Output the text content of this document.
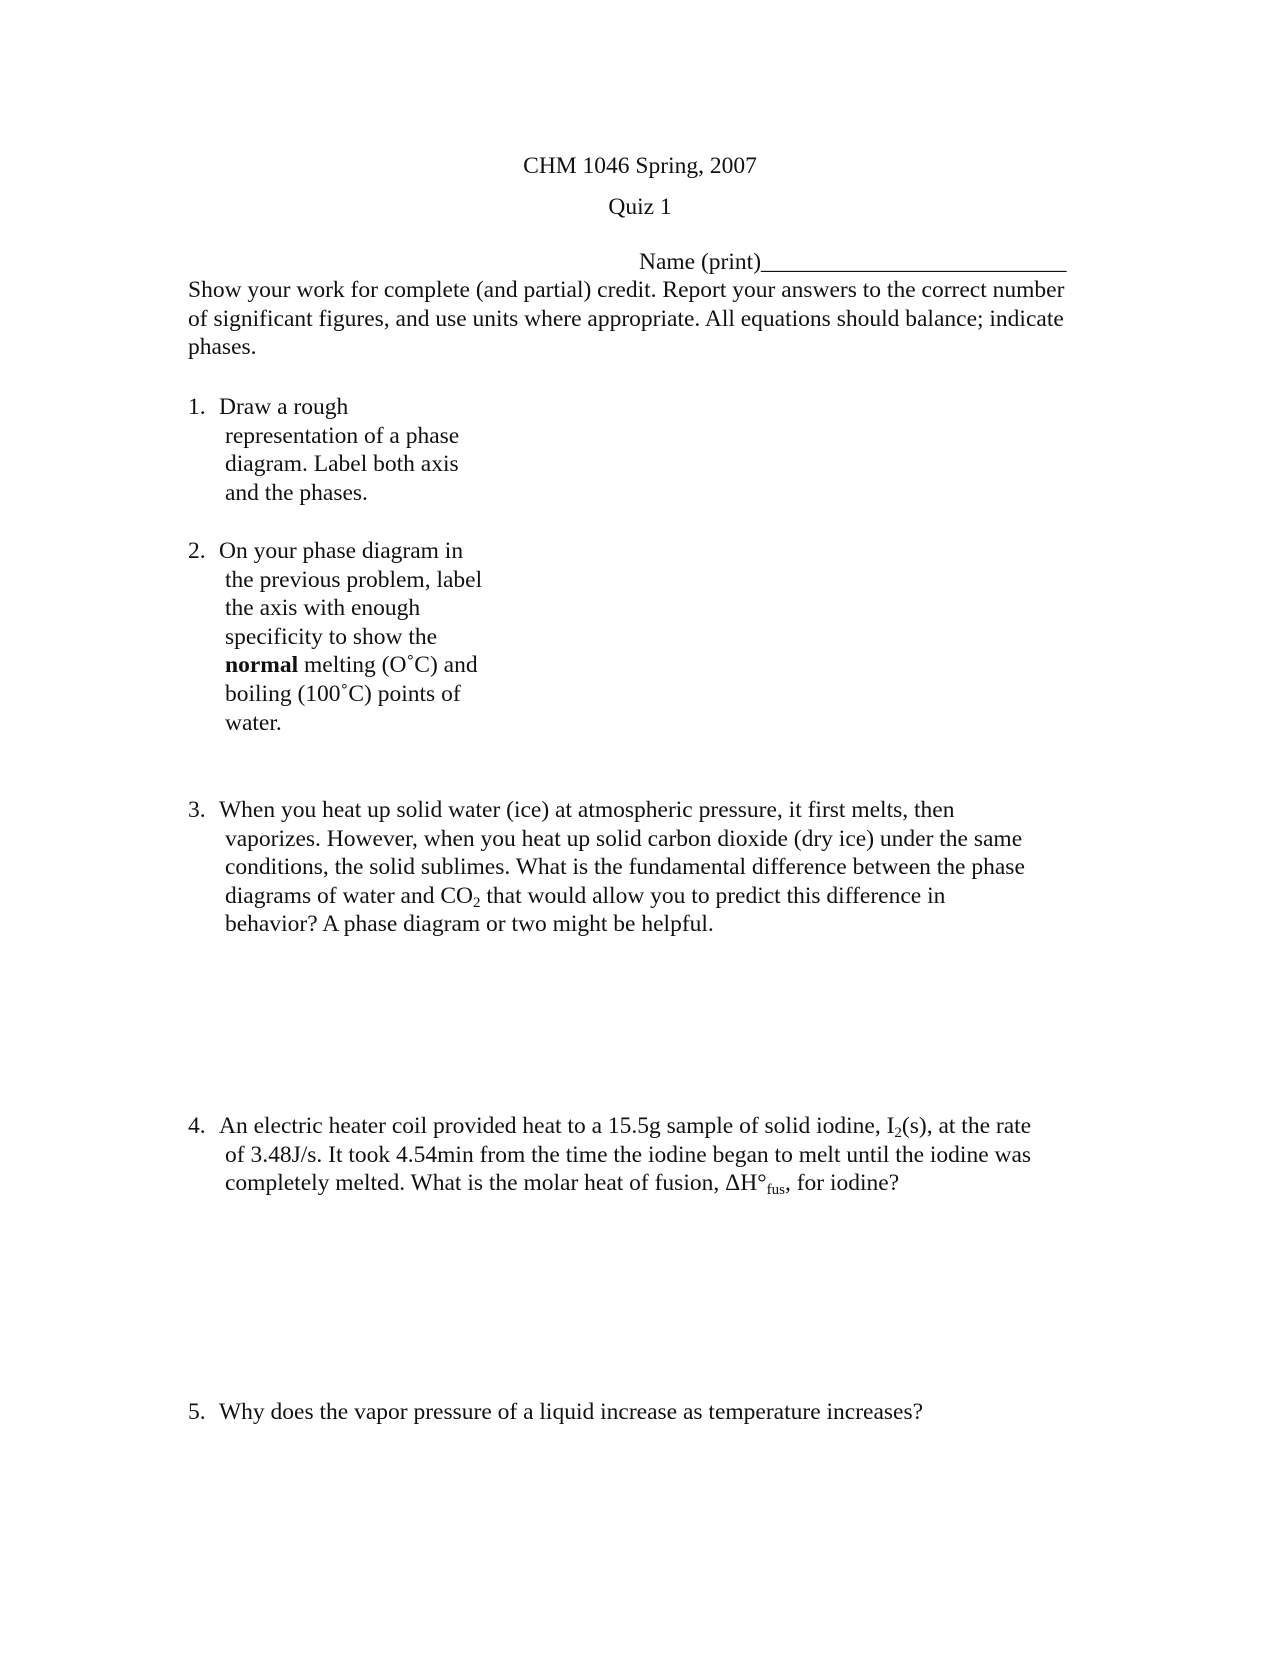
CHM 1046 Spring, 2007
Quiz 1
Name (print)__________________________
Show your work for complete (and partial) credit. Report your answers to the correct number of significant figures, and use units where appropriate. All equations should balance; indicate phases.
1. Draw a rough
representation of a phase
diagram. Label both axis
and the phases.
2. On your phase diagram in
the previous problem, label
the axis with enough
specificity to show the
normal melting (O˚C) and
boiling (100˚C) points of
water.
3. When you heat up solid water (ice) at atmospheric pressure, it first melts, then
vaporizes. However, when you heat up solid carbon dioxide (dry ice) under the same
conditions, the solid sublimes. What is the fundamental difference between the phase
diagrams of water and $CO_2$ that would allow you to predict this difference in
behavior? A phase diagram or two might be helpful.
4. An electric heater coil provided heat to a 15.5g sample of solid iodine, $I_2(s)$, at the rate
of 3.48J/s. It took 4.54min from the time the iodine began to melt until the iodine was
completely melted. What is the molar heat of fusion, $\Delta H^\circ_{fus}$, for iodine?
5. Why does the vapor pressure of a liquid increase as temperature increases?
